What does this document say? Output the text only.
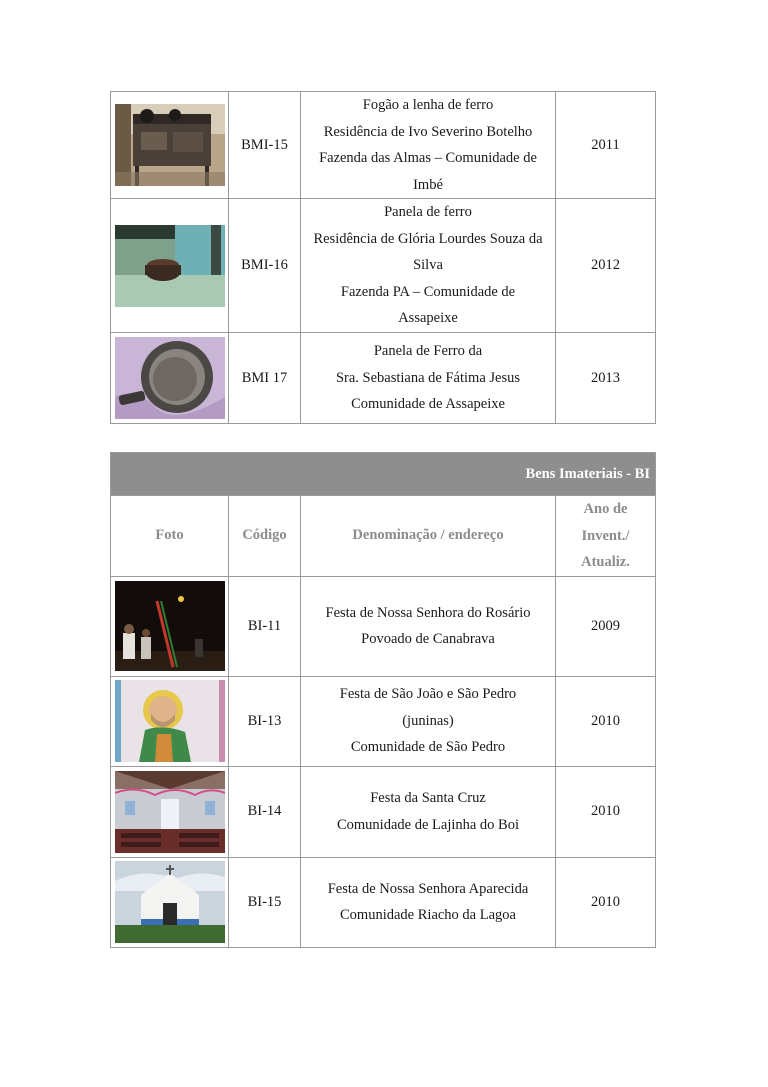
	BMI-15	Fogão a lenha de ferro
Residência de Ivo Severino Botelho
Fazenda das Almas – Comunidade de
Imbé	2011

	BMI-16	Panela de ferro
Residência de Glória Lourdes Souza da
Silva
Fazenda PA – Comunidade de
Assapeixe	2012

	BMI 17	Panela de Ferro da
Sra. Sebastiana de Fátima Jesus
Comunidade de Assapeixe	2013
Bens Imateriais - BI			
Foto	Código	Denominação / endereço	Ano de
Invent./
Atualiz.

	BI-11	Festa de Nossa Senhora do Rosário
Povoado de Canabrava	2009

	BI-13	Festa de São João e São Pedro
(juninas)
Comunidade de São Pedro	2010

	BI-14	Festa da Santa Cruz
Comunidade de Lajinha do Boi	2010

	BI-15	Festa de Nossa Senhora Aparecida
Comunidade Riacho da Lagoa	2010
